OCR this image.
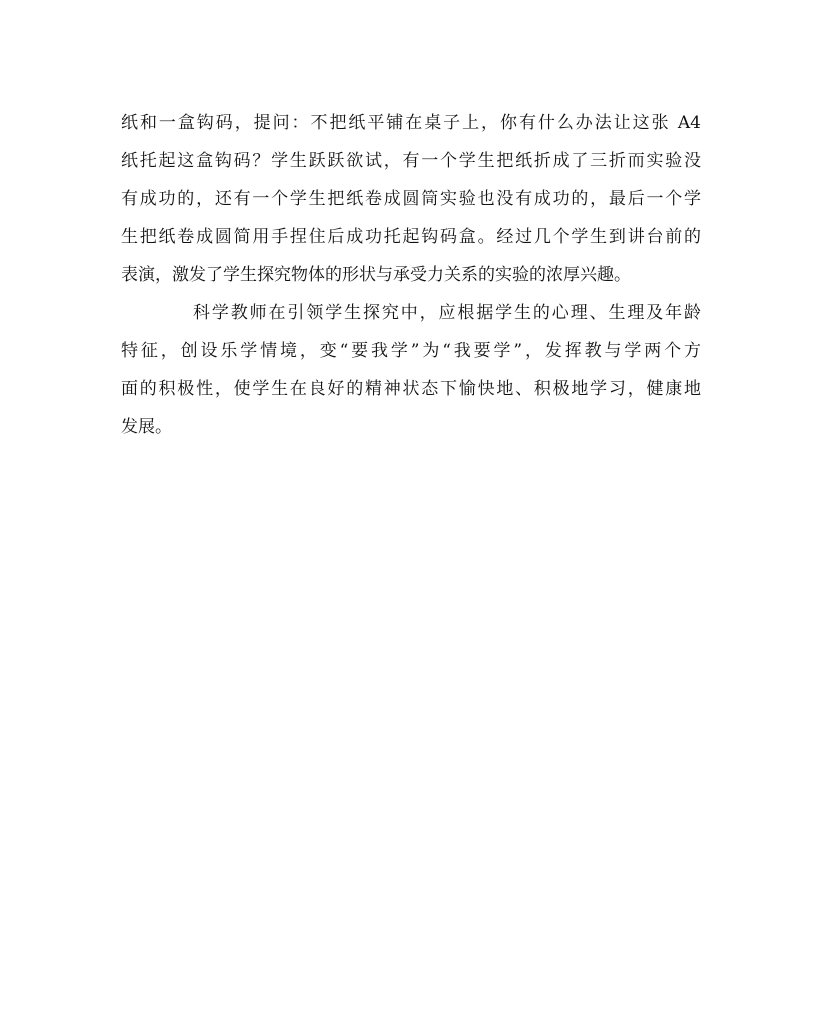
纸和一盒钩码，提问：不把纸平铺在桌子上，你有什么办法让这张 A4
纸托起这盒钩码？学生跃跃欲试，有一个学生把纸折成了三折而实验没
有成功的，还有一个学生把纸卷成圆筒实验也没有成功的，最后一个学
生把纸卷成圆简用手捏住后成功托起钩码盒。经过几个学生到讲台前的
表演，激发了学生探究物体的形状与承受力关系的实验的浓厚兴趣。
科学教师在引领学生探究中，应根据学生的心理、生理及年龄
特征，创设乐学情境，变“要我学”为“我要学”，发挥教与学两个方
面的积极性，使学生在良好的精神状态下愉快地、积极地学习，健康地
发展。
